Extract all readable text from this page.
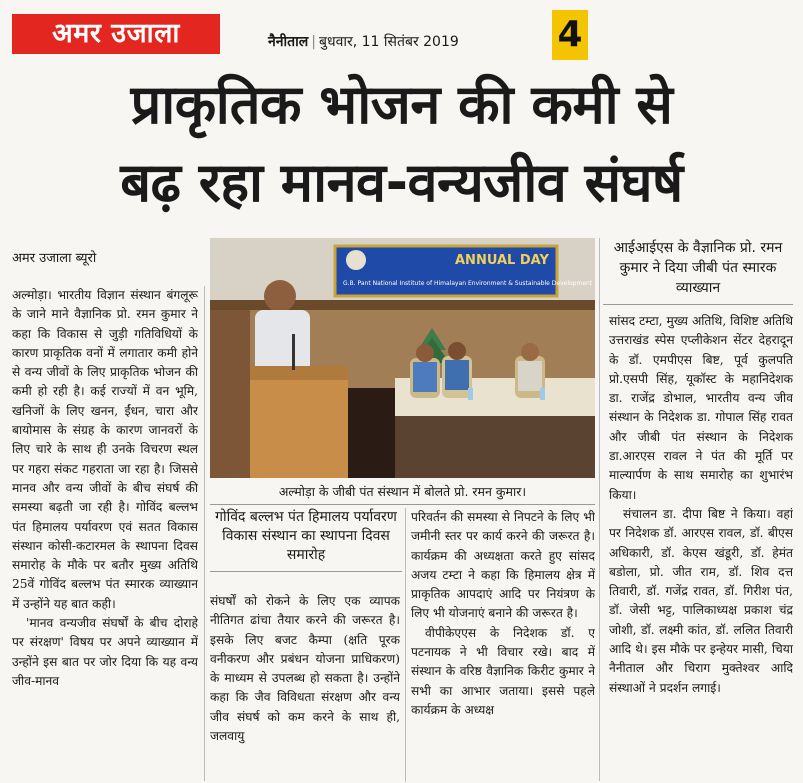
अमर उजाला	नैनीताल | बुधवार, 11 सितंबर 2019	4
प्राकृतिक भोजन की कमी से
बढ़ रहा मानव-वन्यजीव संघर्ष
अमर उजाला ब्यूरो

अल्मोड़ा। भारतीय विज्ञान संस्थान बंगलूरू के जाने माने वैज्ञानिक प्रो. रमन कुमार ने कहा कि विकास से जुड़ी गतिविधियों के कारण प्राकृतिक वनों में लगातार कमी होने से वन्य जीवों के लिए प्राकृतिक भोजन की कमी हो रही है। कई राज्यों में वन भूमि, खनिजों के लिए खनन, ईंधन, चारा और बायोमास के संग्रह के कारण जानवरों के लिए चारे के साथ ही उनके विचरण स्थल पर गहरा संकट गहराता जा रहा है। जिससे मानव और वन्य जीवों के बीच संघर्ष की समस्या बढ़ती जा रही है। गोविंद बल्लभ पंत हिमालय पर्यावरण एवं सतत विकास संस्थान कोसी-कटारमल के स्थापना दिवस समारोह के मौके पर बतौर मुख्य अतिथि 25वें गोविंद बल्लभ पंत स्मारक व्याख्यान में उन्होंने यह बात कही।

'मानव वन्यजीव संघर्षों के बीच दोराहे पर संरक्षण' विषय पर अपने व्याख्यान में उन्होंने इस बात पर जोर दिया कि यह वन्य जीव-मानव

ANNUAL DAY
G.B. Pant National Institute of Himalayan Environment & Sustainable Development
अल्मोड़ा के जीबी पंत संस्थान में बोलते प्रो. रमन कुमार।
आईआईएस के वैज्ञानिक प्रो. रमन कुमार ने दिया जीबी पंत स्मारक व्याख्यान

सांसद टम्टा, मुख्य अतिथि, विशिष्ट अतिथि उत्तराखंड स्पेस एप्लीकेशन सेंटर देहरादून के डॉ. एमपीएस बिष्ट, पूर्व कुलपति प्रो.एसपी सिंह, यूकॉस्ट के महानिदेशक डा. राजेंद्र डोभाल, भारतीय वन्य जीव संस्थान के निदेशक डा. गोपाल सिंह रावत और जीबी पंत संस्थान के निदेशक डा.आरएस रावल ने पंत की मूर्ति पर माल्यार्पण के साथ समारोह का शुभारंभ किया।

संचालन डा. दीपा बिष्ट ने किया। वहां पर निदेशक डॉ. आरएस रावल, डॉ. बीएस अधिकारी, डॉ. केएस खंडूरी, डॉ. हेमंत बडोला, प्रो. जीत राम, डॉ. शिव दत्त तिवारी, डॉ. गजेंद्र रावत, डॉ. गिरीश पंत, डॉ. जेसी भट्ट, पालिकाध्यक्ष प्रकाश चंद्र जोशी, डॉ. लक्ष्मी कांत, डॉ. ललित तिवारी आदि थे। इस मौके पर इन्हेयर मासी, चिया नैनीताल और चिराग मुक्तेश्वर आदि संस्थाओं ने प्रदर्शन लगाई।

गोविंद बल्लभ पंत हिमालय पर्यावरण विकास संस्थान का स्थापना दिवस समारोह

संघर्षों को रोकने के लिए एक व्यापक नीतिगत ढांचा तैयार करने की जरूरत है। इसके लिए बजट कैम्पा (क्षति पूरक वनीकरण और प्रबंधन योजना प्राधिकरण) के माध्यम से उपलब्ध हो सकता है। उन्होंने कहा कि जैव विविधता संरक्षण और वन्य जीव संघर्ष को कम करने के साथ ही, जलवायु

परिवर्तन की समस्या से निपटने के लिए भी जमीनी स्तर पर कार्य करने की जरूरत है। कार्यक्रम की अध्यक्षता करते हुए सांसद अजय टम्टा ने कहा कि हिमालय क्षेत्र में प्राकृतिक आपदाएं आदि पर नियंत्रण के लिए भी योजनाएं बनाने की जरूरत है।

वीपीकेएएस के निदेशक डॉ. ए पटनायक ने भी विचार रखे। बाद में संस्थान के वरिष्ठ वैज्ञानिक किरीट कुमार ने सभी का आभार जताया। इससे पहले कार्यक्रम के अध्यक्ष
